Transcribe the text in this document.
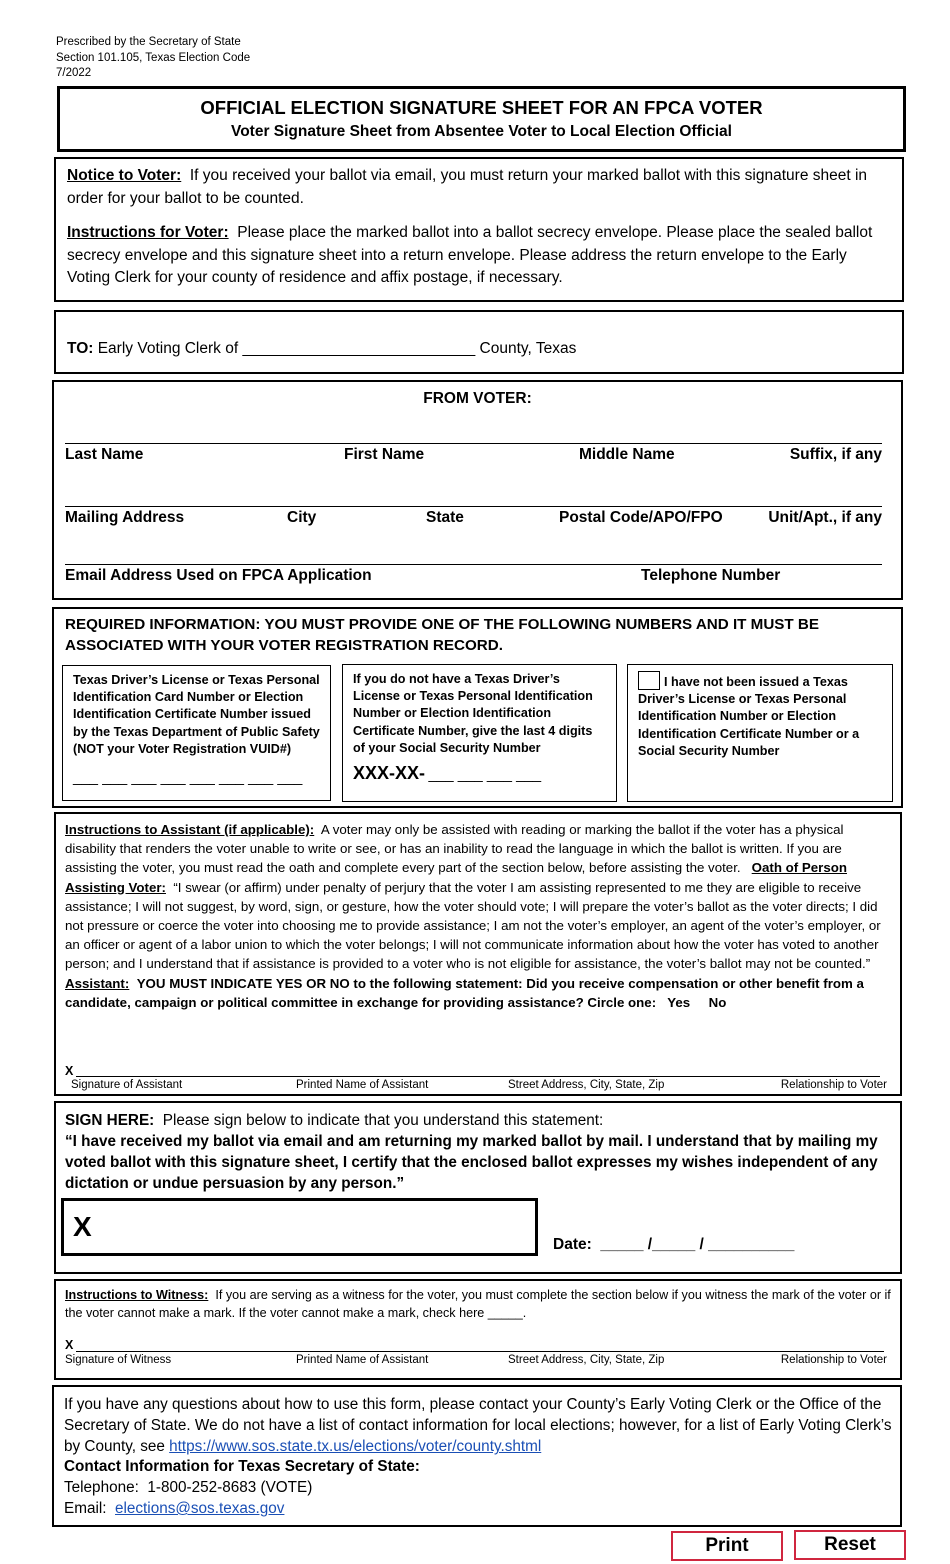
Prescribed by the Secretary of State
Section 101.105, Texas Election Code
7/2022
OFFICIAL ELECTION SIGNATURE SHEET FOR AN FPCA VOTER
Voter Signature Sheet from Absentee Voter to Local Election Official
Notice to Voter: If you received your ballot via email, you must return your marked ballot with this signature sheet in order for your ballot to be counted.
Instructions for Voter: Please place the marked ballot into a ballot secrecy envelope. Please place the sealed ballot secrecy envelope and this signature sheet into a return envelope. Please address the return envelope to the Early Voting Clerk for your county of residence and affix postage, if necessary.
TO: Early Voting Clerk of ___________________________ County, Texas
FROM VOTER:
Last Name	First Name	Middle Name	Suffix, if any
Mailing Address	City	State	Postal Code/APO/FPO	Unit/Apt., if any
Email Address Used on FPCA Application	Telephone Number
REQUIRED INFORMATION: YOU MUST PROVIDE ONE OF THE FOLLOWING NUMBERS AND IT MUST BE ASSOCIATED WITH YOUR VOTER REGISTRATION RECORD.
Texas Driver’s License or Texas Personal Identification Card Number or Election Identification Certificate Number issued by the Texas Department of Public Safety (NOT your Voter Registration VUID#)
___ ___ ___ ___ ___ ___ ___ ___
If you do not have a Texas Driver’s License or Texas Personal Identification Number or Election Identification Certificate Number, give the last 4 digits of your Social Security Number
XXX-XX- ___ ___ ___ ___
I have not been issued a Texas Driver’s License or Texas Personal Identification Number or Election Identification Certificate Number or a Social Security Number
Instructions to Assistant (if applicable): A voter may only be assisted with reading or marking the ballot if the voter has a physical disability that renders the voter unable to write or see, or has an inability to read the language in which the ballot is written. If you are assisting the voter, you must read the oath and complete every part of the section below, before assisting the voter. Oath of Person Assisting Voter: “I swear (or affirm) under penalty of perjury that the voter I am assisting represented to me they are eligible to receive assistance; I will not suggest, by word, sign, or gesture, how the voter should vote; I will prepare the voter’s ballot as the voter directs; I did not pressure or coerce the voter into choosing me to provide assistance; I am not the voter’s employer, an agent of the voter’s employer, or an officer or agent of a labor union to which the voter belongs; I will not communicate information about how the voter has voted to another person; and I understand that if assistance is provided to a voter who is not eligible for assistance, the voter’s ballot may not be counted.”   Assistant: YOU MUST INDICATE YES OR NO to the following statement: Did you receive compensation or other benefit from a candidate, campaign or political committee in exchange for providing assistance? Circle one: Yes No
X
Signature of Assistant	Printed Name of Assistant	Street Address, City, State, Zip	Relationship to Voter
SIGN HERE: Please sign below to indicate that you understand this statement:
“I have received my ballot via email and am returning my marked ballot by mail. I understand that by mailing my voted ballot with this signature sheet, I certify that the enclosed ballot expresses my wishes independent of any dictation or undue persuasion by any person.”
X
Date: _____ /_____ / __________
Instructions to Witness: If you are serving as a witness for the voter, you must complete the section below if you witness the mark of the voter or if the voter cannot make a mark. If the voter cannot make a mark, check here _____.
X
Signature of Witness	Printed Name of Assistant	Street Address, City, State, Zip	Relationship to Voter
If you have any questions about how to use this form, please contact your County’s Early Voting Clerk or the Office of the Secretary of State. We do not have a list of contact information for local elections; however, for a list of Early Voting Clerk’s by County, see https://www.sos.state.tx.us/elections/voter/county.shtml
Contact Information for Texas Secretary of State:
Telephone: 1-800-252-8683 (VOTE)
Email: elections@sos.texas.gov
Print	Reset
